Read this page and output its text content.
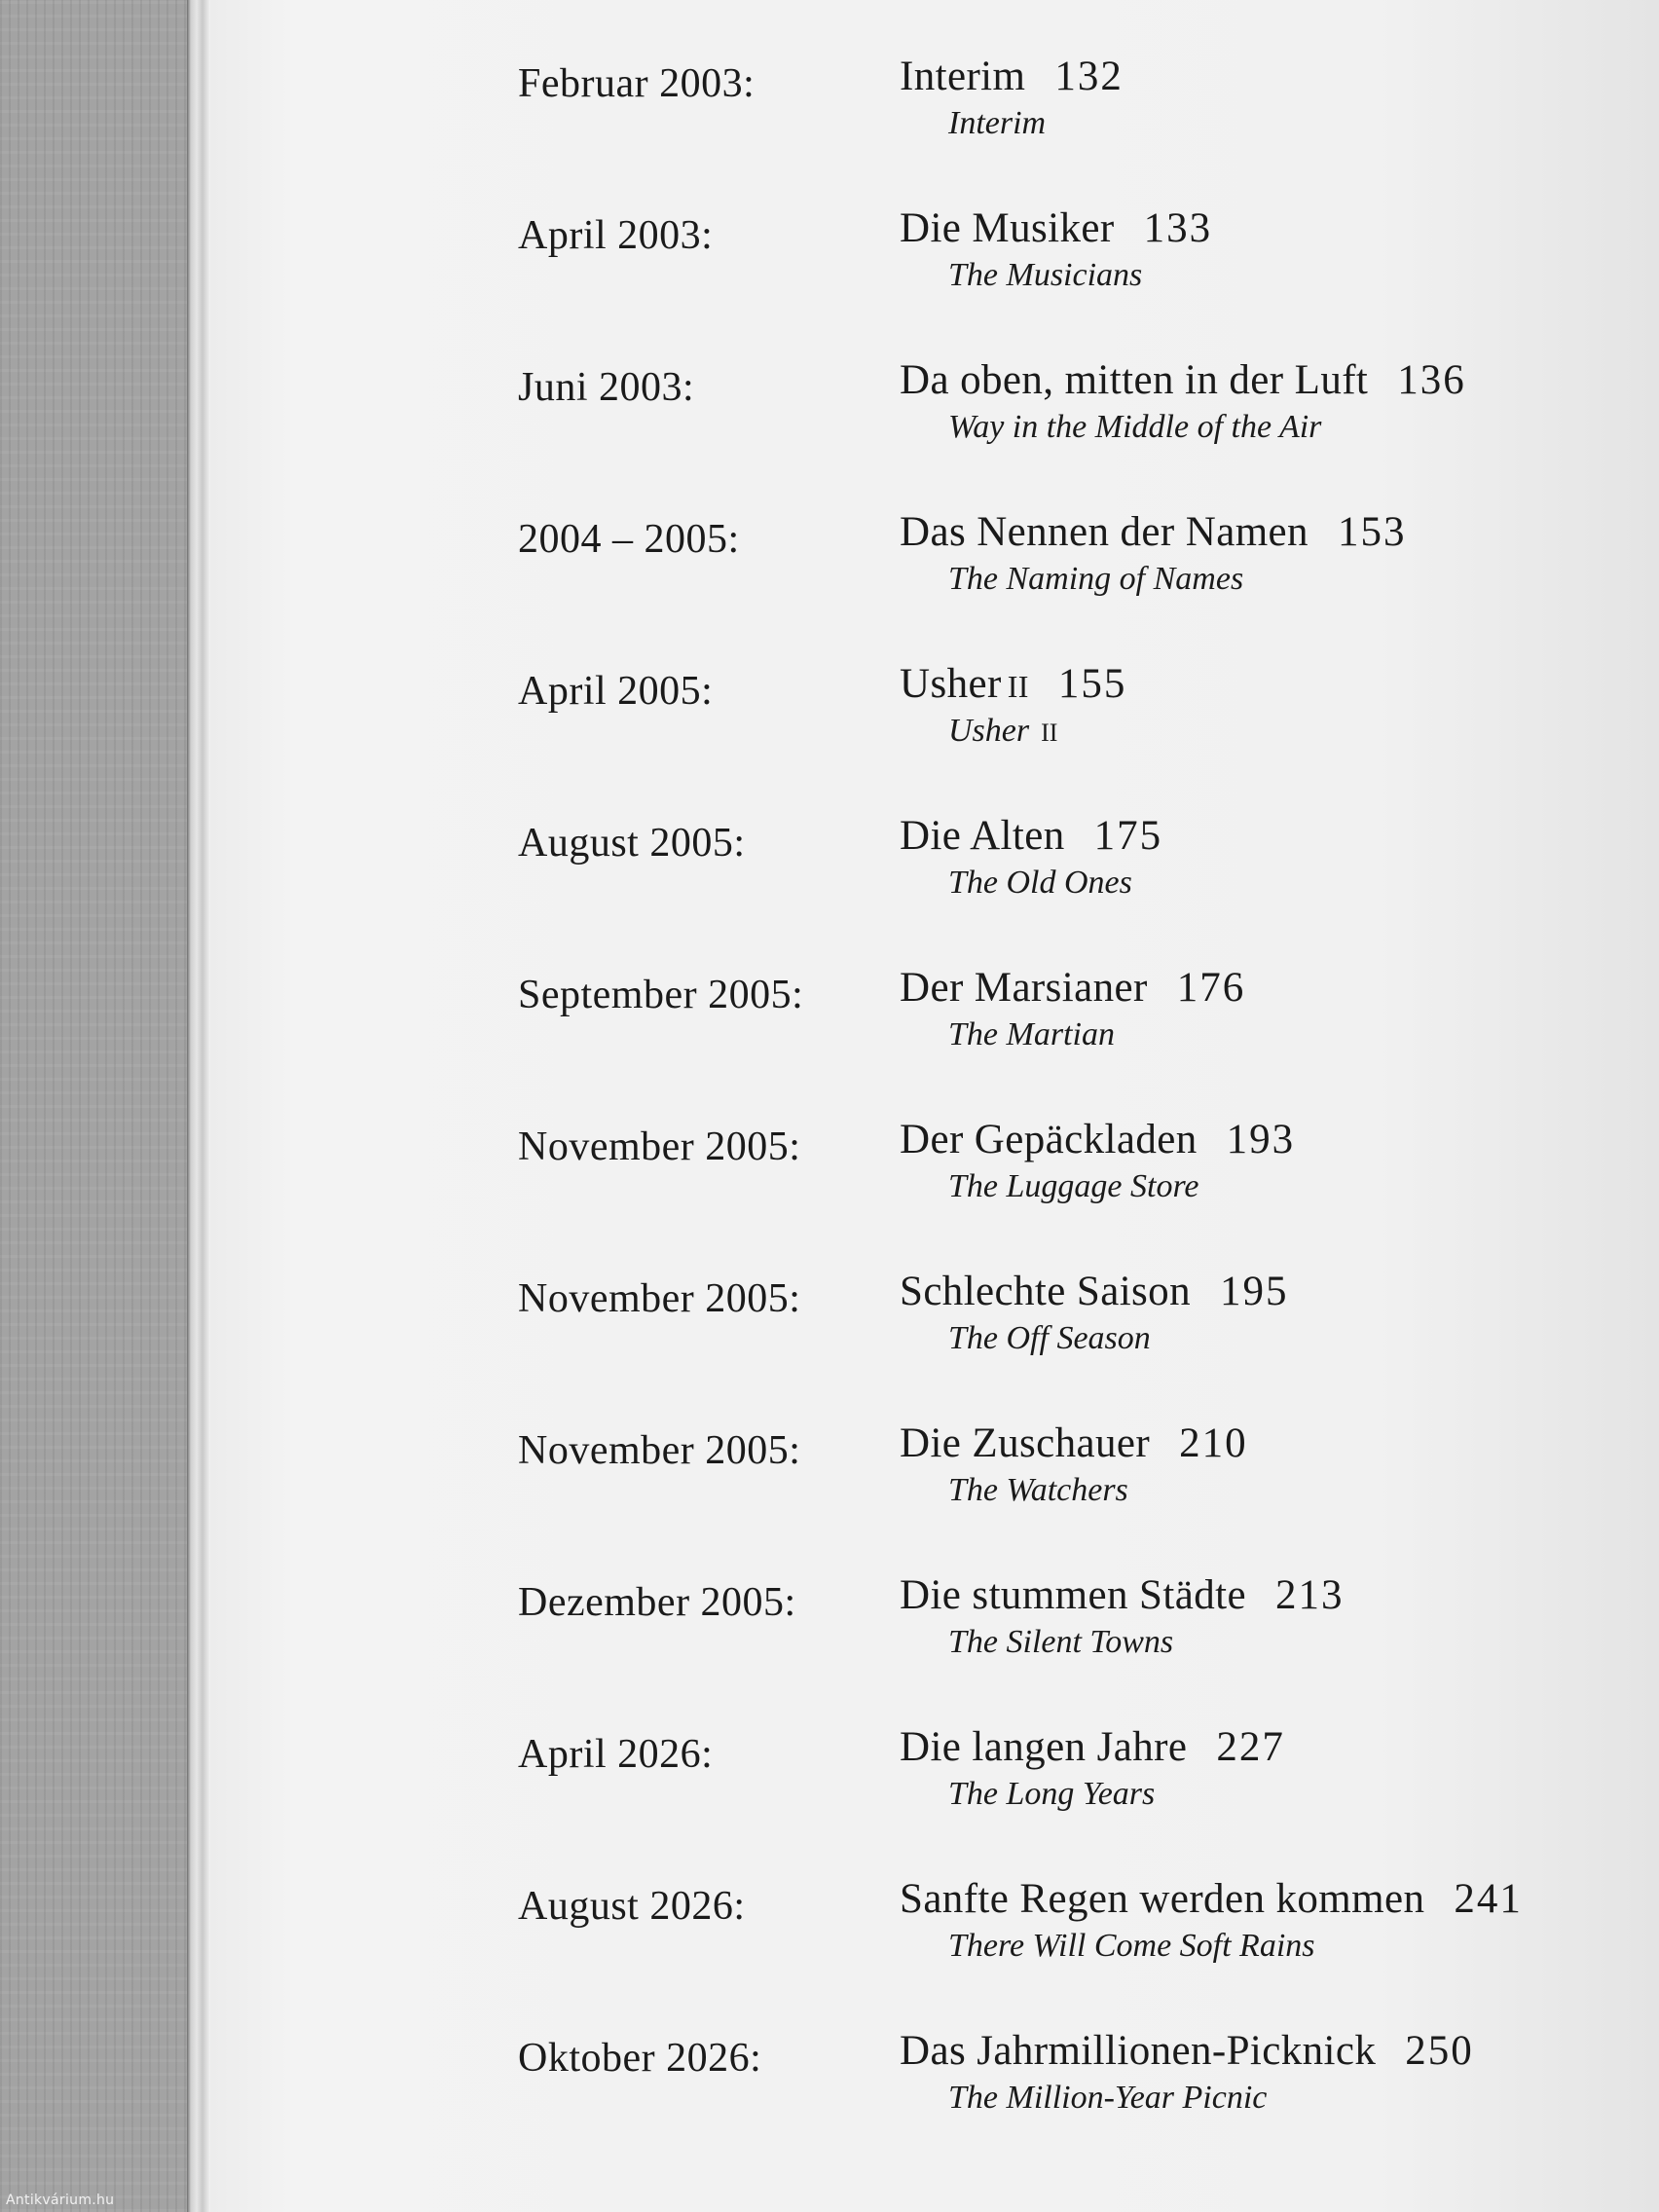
Februar 2003:	Interim 132
Interim
April 2003:	Die Musiker 133
The Musicians
Juni 2003:	Da oben, mitten in der Luft 136
Way in the Middle of the Air
2004 – 2005:	Das Nennen der Namen 153
The Naming of Names
April 2005:	Usher II 155
Usher II
August 2005:	Die Alten 175
The Old Ones
September 2005: Der Marsianer 176
The Martian
November 2005: Der Gepäckladen 193
The Luggage Store
November 2005: Schlechte Saison 195
The Off Season
November 2005: Die Zuschauer 210
The Watchers
Dezember 2005: Die stummen Städte 213
The Silent Towns
April 2026:	Die langen Jahre 227
The Long Years
August 2026:	Sanfte Regen werden kommen 241
There Will Come Soft Rains
Oktober 2026:	Das Jahrmillionen-Picknick 250
The Million-Year Picnic
Antikvárium.hu
